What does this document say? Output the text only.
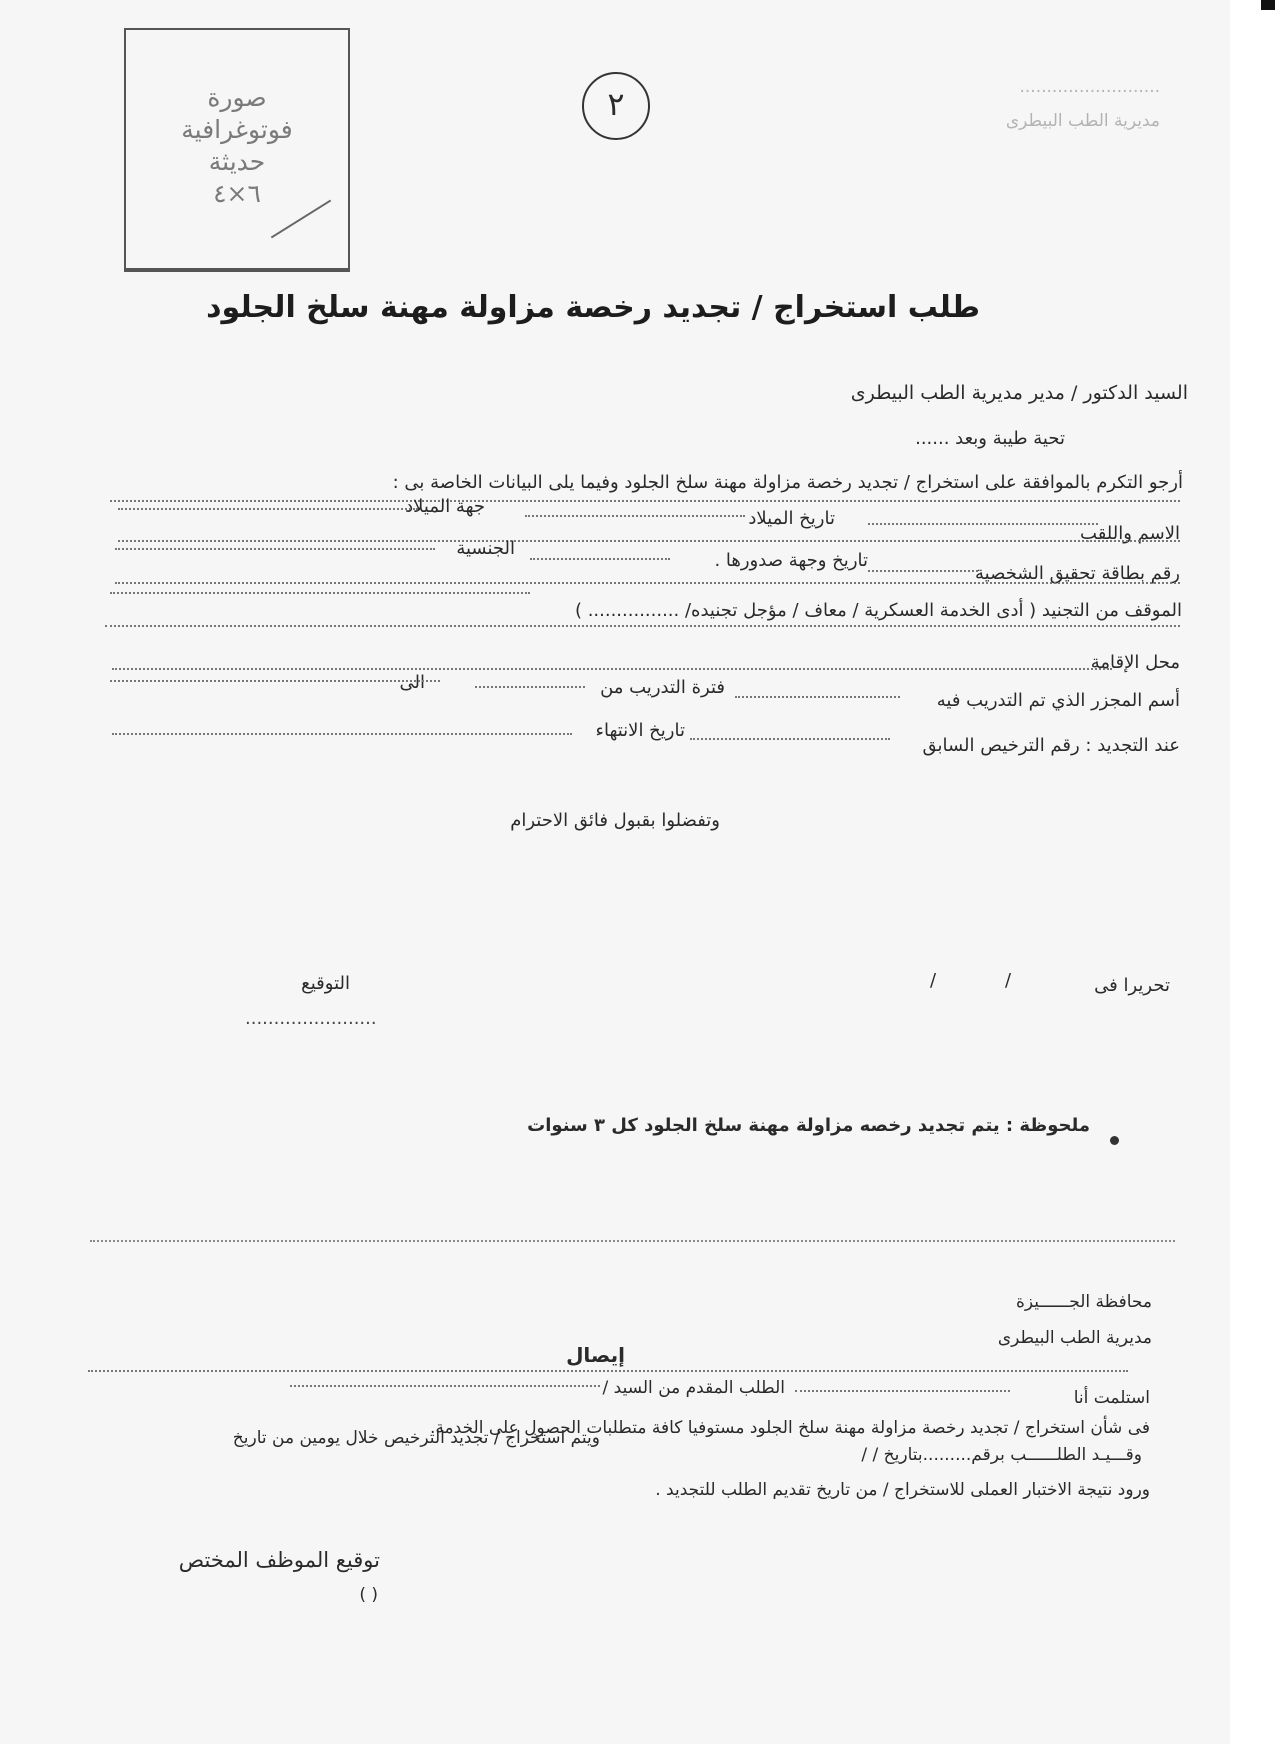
صورة
فوتوغرافية
حديثة
٦×٤
٢	..........................
مديرية الطب البيطرى
طلب استخراج / تجديد رخصة مزاولة مهنة سلخ الجلود
السيد الدكتور / مدير مديرية الطب البيطرى
تحية طيبة وبعد ......
أرجو التكرم بالموافقة على استخراج / تجديد رخصة مزاولة مهنة سلخ الجلود وفيما يلى البيانات الخاصة بى :
الاسم واللقب
تاريخ الميلاد
جهة الميلاد
رقم بطاقة تحقيق الشخصية
تاريخ وجهة صدورها .
الجنسية
الموقف من التجنيد ( أدى الخدمة العسكرية / معاف / مؤجل تجنيده/ ................ )
محل الإقامة
أسم المجزر الذي تم التدريب فيه
فترة التدريب من
الى
عند التجديد : رقم الترخيص السابق
تاريخ الانتهاء
وتفضلوا بقبول فائق الاحترام
تحريرا فى
/
/
التوقيع
.......................
ملحوظة : يتم تجديد رخصه مزاولة مهنة سلخ الجلود كل ٣ سنوات
محافظة الجــــــيزة
مديرية الطب البيطرى
إيصال
استلمت أنا
الطلب المقدم من السيد /
فى شأن استخراج / تجديد رخصة مزاولة مهنة سلخ الجلود مستوفيا كافة متطلبات الحصول على الخدمة.
وقـــيـد الطلــــــب برقم.........بتاريخ / /
ويتم استخراج / تجديد الترخيص خلال يومين من تاريخ
ورود نتيجة الاختبار العملى للاستخراج / من تاريخ تقديم الطلب للتجديد .
توقيع الموظف المختص
( )
